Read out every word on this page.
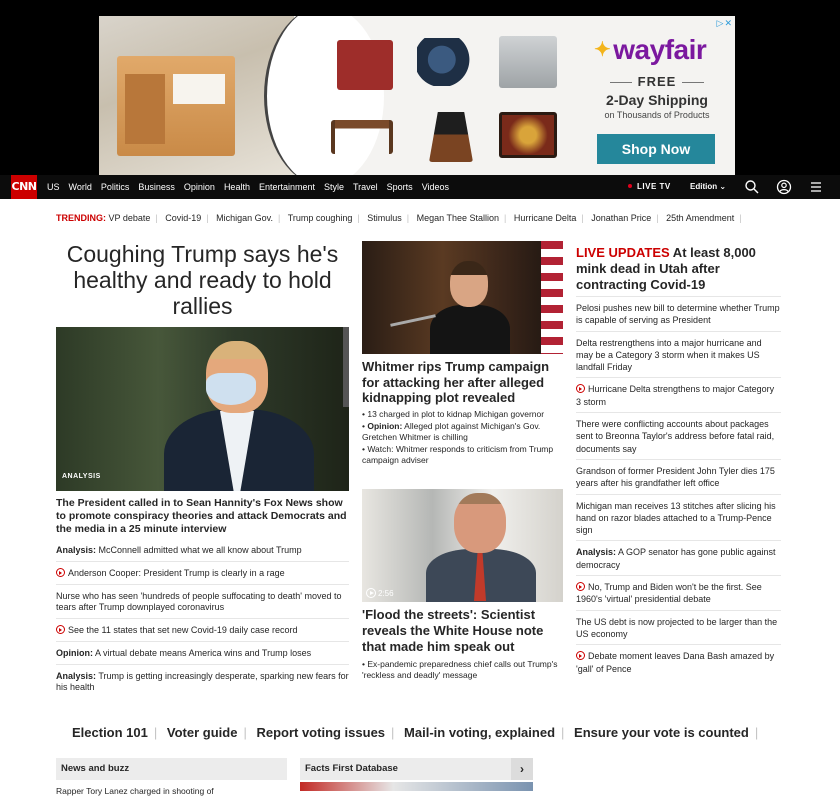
✦ wayfair
FREE
2-Day Shipping
on Thousands of Products
Shop Now
▷✕
CNN US World Politics Business Opinion Health Entertainment Style Travel Sports Videos	LIVE TV Edition ⌄
TRENDING: VP debate | Covid-19 | Michigan Gov. | Trump coughing | Stimulus | Megan Thee Stallion | Hurricane Delta | Jonathan Price | 25th Amendment |
Coughing Trump says he's healthy and ready to hold rallies
ANALYSIS
The President called in to Sean Hannity's Fox News show to promote conspiracy theories and attack Democrats and the media in a 25 minute interview
Analysis: McConnell admitted what we all know about Trump
Anderson Cooper: President Trump is clearly in a rage
Nurse who has seen 'hundreds of people suffocating to death' moved to tears after Trump downplayed coronavirus
See the 11 states that set new Covid-19 daily case record
Opinion: A virtual debate means America wins and Trump loses
Analysis: Trump is getting increasingly desperate, sparking new fears for his health
Whitmer rips Trump campaign for attacking her after alleged kidnapping plot revealed

• 13 charged in plot to kidnap Michigan governor

• Opinion: Alleged plot against Michigan's Gov. Gretchen Whitmer is chilling

• Watch: Whitmer responds to criticism from Trump campaign adviser

2:56
'Flood the streets': Scientist reveals the White House note that made him speak out

• Ex-pandemic preparedness chief calls out Trump's 'reckless and deadly' message

LIVE UPDATES At least 8,000 mink dead in Utah after contracting Covid-19
Pelosi pushes new bill to determine whether Trump is capable of serving as President
Delta restrengthens into a major hurricane and may be a Category 3 storm when it makes US landfall Friday
Hurricane Delta strengthens to major Category 3 storm
There were conflicting accounts about packages sent to Breonna Taylor's address before fatal raid, documents say
Grandson of former President John Tyler dies 175 years after his grandfather left office
Michigan man receives 13 stitches after slicing his hand on razor blades attached to a Trump-Pence sign
Analysis: A GOP senator has gone public against democracy
No, Trump and Biden won't be the first. See 1960's 'virtual' presidential debate
The US debt is now projected to be larger than the US economy
Debate moment leaves Dana Bash amazed by 'gall' of Pence
Election 101 | Voter guide | Report voting issues | Mail-in voting, explained | Ensure your vote is counted |
News and buzz
Rapper Tory Lanez charged in shooting of
Facts First Database	›
